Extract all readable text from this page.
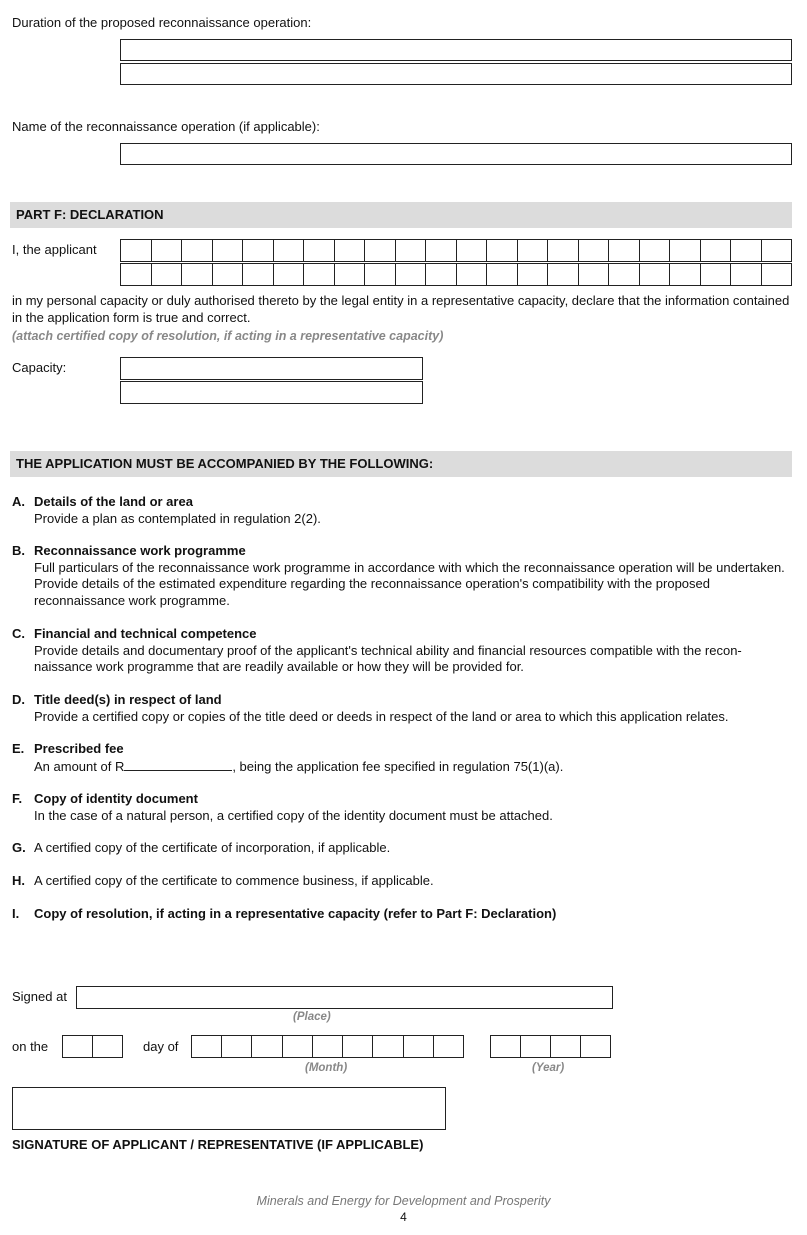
Duration of the proposed reconnaissance operation:
Name of the reconnaissance operation (if applicable):
PART F: DECLARATION
I, the applicant
in my personal capacity or duly authorised thereto by the legal entity in a representative capacity, declare that the information contained in the application form is true and correct.
(attach certified copy of resolution, if acting in a representative capacity)
Capacity:
THE APPLICATION MUST BE ACCOMPANIED BY THE FOLLOWING:
A. Details of the land or area
Provide a plan as contemplated in regulation 2(2).
B. Reconnaissance work programme
Full particulars of the reconnaissance work programme in accordance with which the reconnaissance operation will be undertaken. Provide details of the estimated expenditure regarding the reconnaissance operation's compatibility with the proposed reconnaissance work programme.
C. Financial and technical competence
Provide details and documentary proof of the applicant's technical ability and financial resources compatible with the recon-naissance work programme that are readily available or how they will be provided for.
D. Title deed(s) in respect of land
Provide a certified copy or copies of the title deed or deeds in respect of the land or area to which this application relates.
E. Prescribed fee
An amount of R	, being the application fee specified in regulation 75(1)(a).
F. Copy of identity document
In the case of a natural person, a certified copy of the identity document must be attached.
G. A certified copy of the certificate of incorporation, if applicable.
H. A certified copy of the certificate to commence business, if applicable.
I. Copy of resolution, if acting in a representative capacity (refer to Part F: Declaration)
Signed at
(Place)
on the	day of
(Month)	(Year)
SIGNATURE OF APPLICANT / REPRESENTATIVE (IF APPLICABLE)
Minerals and Energy for Development and Prosperity
4
